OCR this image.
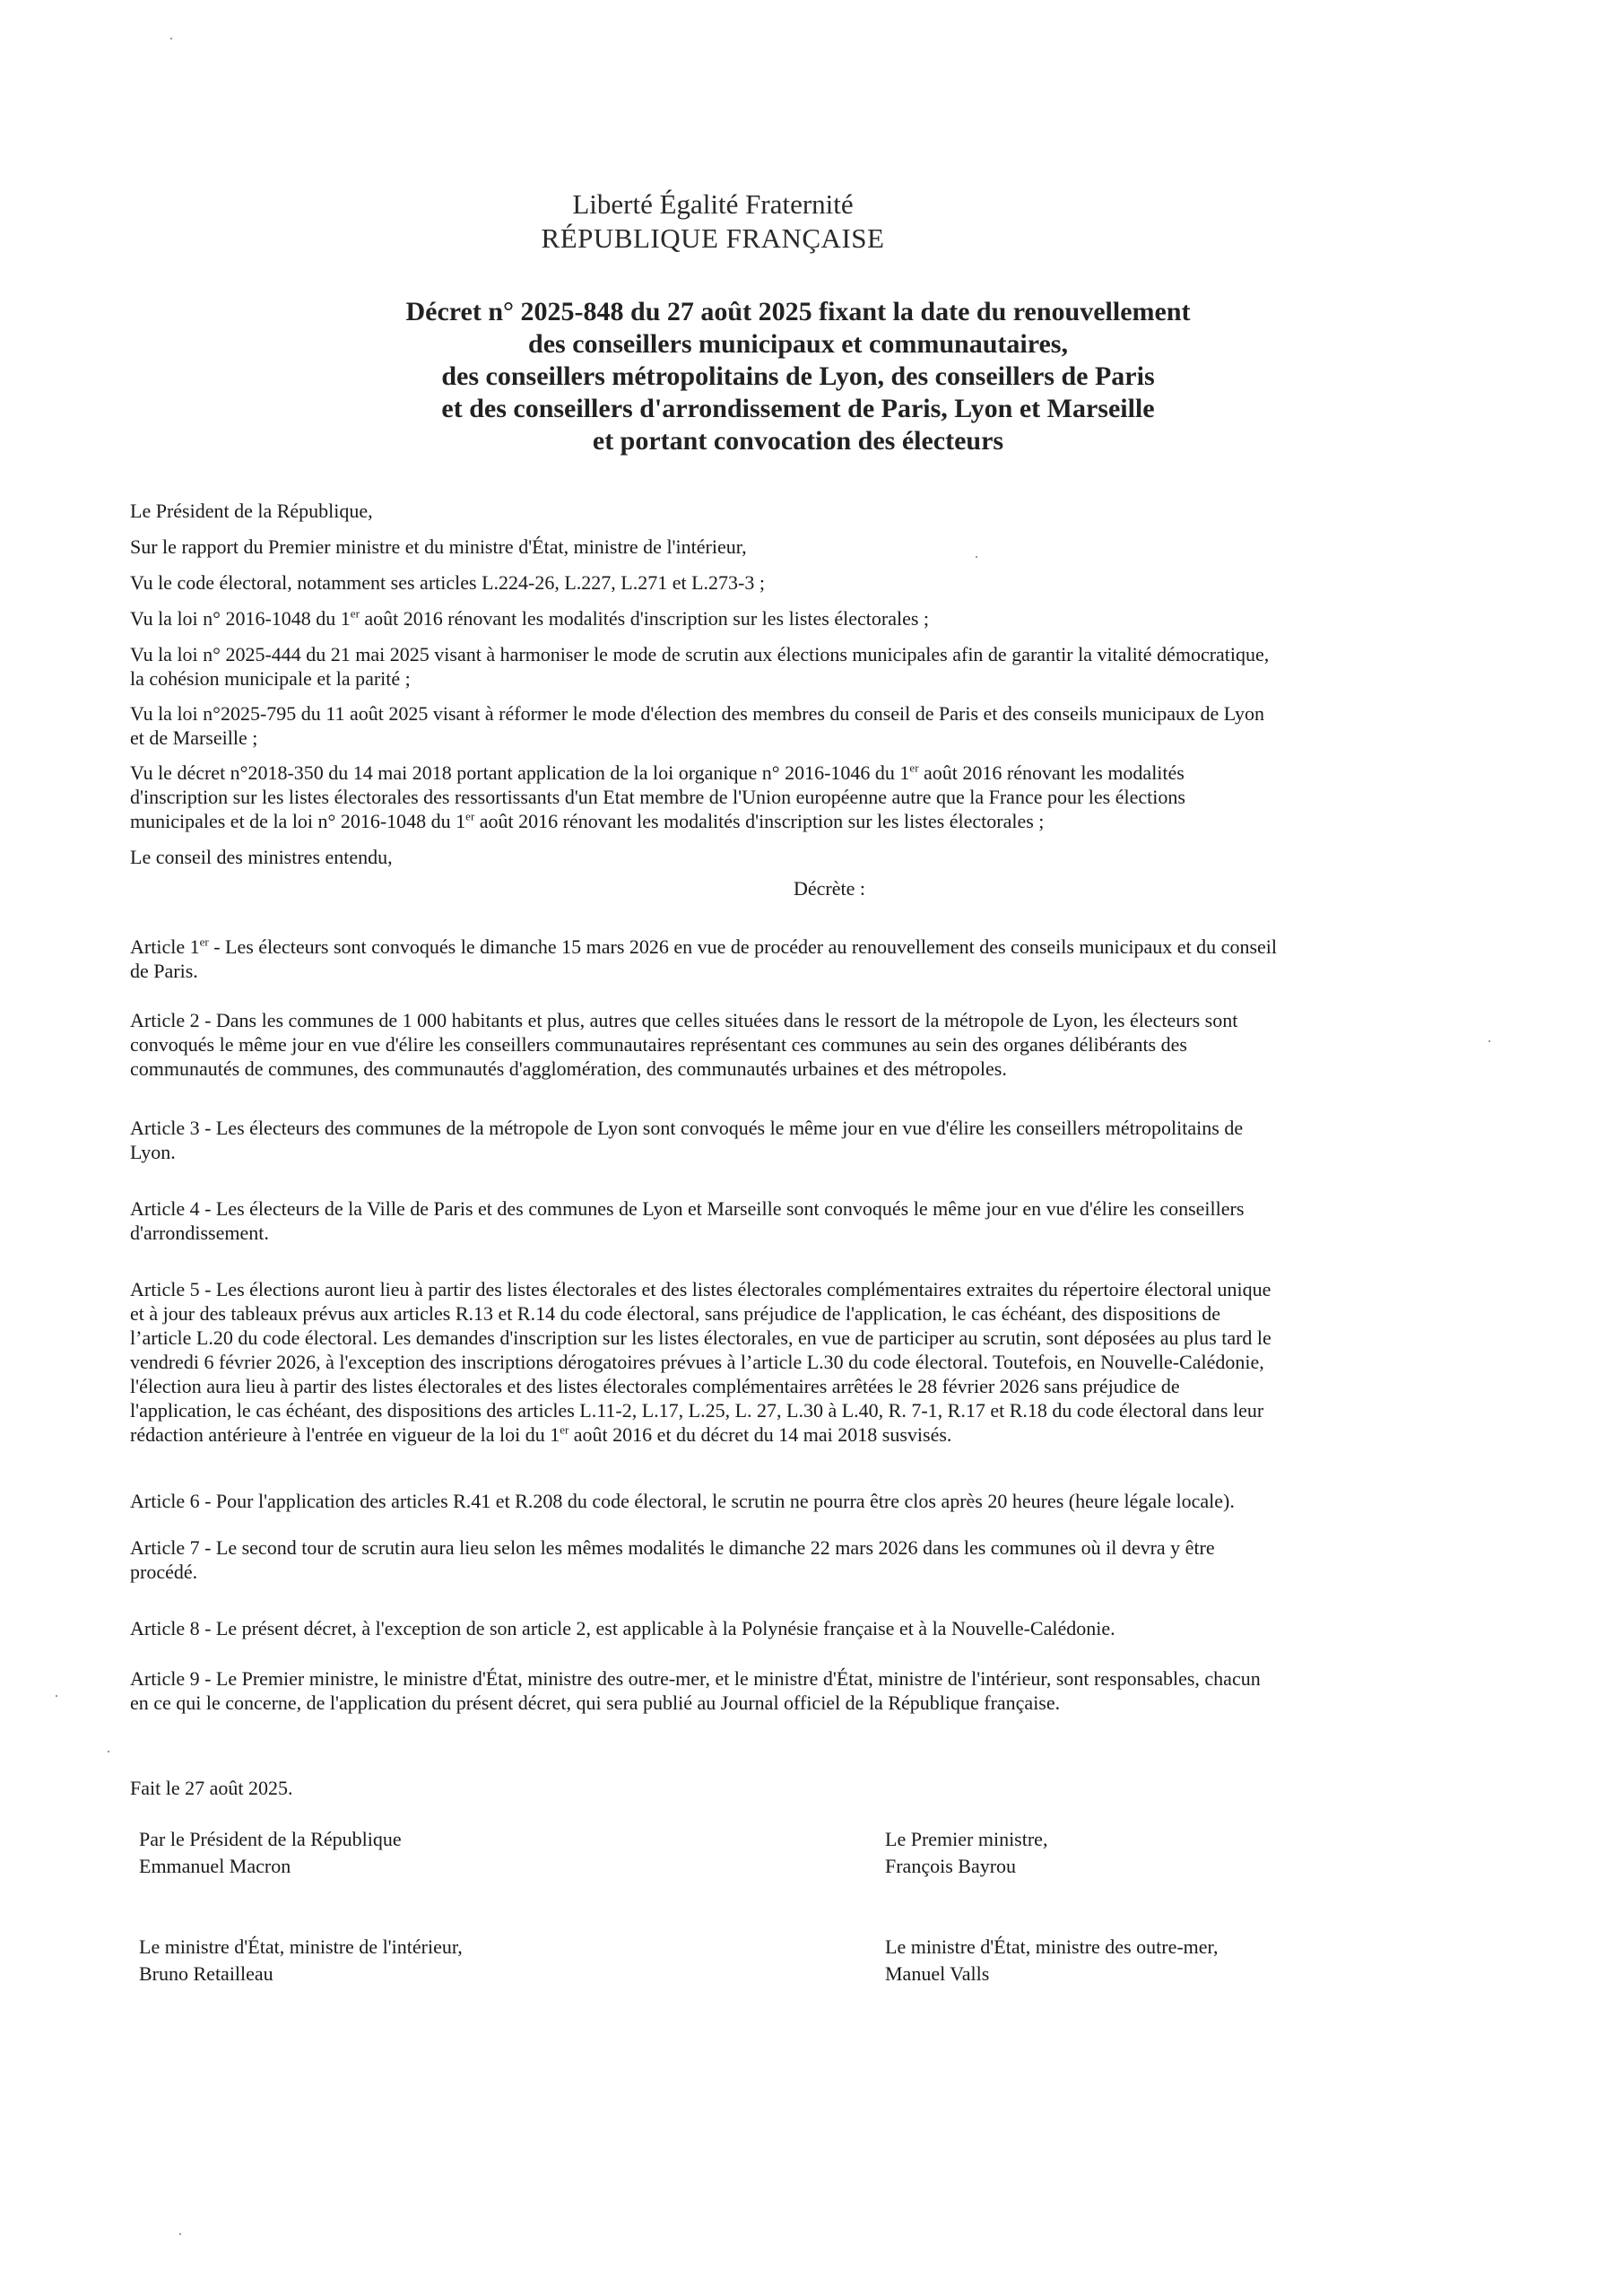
Liberté Égalité Fraternité
RÉPUBLIQUE FRANÇAISE
Décret n° 2025-848 du 27 août 2025 fixant la date du renouvellement
des conseillers municipaux et communautaires,
des conseillers métropolitains de Lyon, des conseillers de Paris
et des conseillers d'arrondissement de Paris, Lyon et Marseille
et portant convocation des électeurs
Le Président de la République,
Sur le rapport du Premier ministre et du ministre d'État, ministre de l'intérieur,
Vu le code électoral, notamment ses articles L.224-26, L.227, L.271 et L.273-3 ;
Vu la loi n° 2016-1048 du 1er août 2016 rénovant les modalités d'inscription sur les listes électorales ;
Vu la loi n° 2025-444 du 21 mai 2025 visant à harmoniser le mode de scrutin aux élections municipales afin de garantir la vitalité démocratique,
la cohésion municipale et la parité ;
Vu la loi n°2025-795 du 11 août 2025 visant à réformer le mode d'élection des membres du conseil de Paris et des conseils municipaux de Lyon
et de Marseille ;
Vu le décret n°2018-350 du 14 mai 2018 portant application de la loi organique n° 2016-1046 du 1er août 2016 rénovant les modalités
d'inscription sur les listes électorales des ressortissants d'un Etat membre de l'Union européenne autre que la France pour les élections
municipales et de la loi n° 2016-1048 du 1er août 2016 rénovant les modalités d'inscription sur les listes électorales ;
Le conseil des ministres entendu,
Décrète :
Article 1er - Les électeurs sont convoqués le dimanche 15 mars 2026 en vue de procéder au renouvellement des conseils municipaux et du conseil
de Paris.
Article 2 - Dans les communes de 1 000 habitants et plus, autres que celles situées dans le ressort de la métropole de Lyon, les électeurs sont
convoqués le même jour en vue d'élire les conseillers communautaires représentant ces communes au sein des organes délibérants des
communautés de communes, des communautés d'agglomération, des communautés urbaines et des métropoles.
Article 3 - Les électeurs des communes de la métropole de Lyon sont convoqués le même jour en vue d'élire les conseillers métropolitains de
Lyon.
Article 4 - Les électeurs de la Ville de Paris et des communes de Lyon et Marseille sont convoqués le même jour en vue d'élire les conseillers
d'arrondissement.
Article 5 - Les élections auront lieu à partir des listes électorales et des listes électorales complémentaires extraites du répertoire électoral unique
et à jour des tableaux prévus aux articles R.13 et R.14 du code électoral, sans préjudice de l'application, le cas échéant, des dispositions de
l’article L.20 du code électoral. Les demandes d'inscription sur les listes électorales, en vue de participer au scrutin, sont déposées au plus tard le
vendredi 6 février 2026, à l'exception des inscriptions dérogatoires prévues à l’article L.30 du code électoral. Toutefois, en Nouvelle-Calédonie,
l'élection aura lieu à partir des listes électorales et des listes électorales complémentaires arrêtées le 28 février 2026 sans préjudice de
l'application, le cas échéant, des dispositions des articles L.11-2, L.17, L.25, L. 27, L.30 à L.40, R. 7-1, R.17 et R.18 du code électoral dans leur
rédaction antérieure à l'entrée en vigueur de la loi du 1er août 2016 et du décret du 14 mai 2018 susvisés.
Article 6 - Pour l'application des articles R.41 et R.208 du code électoral, le scrutin ne pourra être clos après 20 heures (heure légale locale).
Article 7 - Le second tour de scrutin aura lieu selon les mêmes modalités le dimanche 22 mars 2026 dans les communes où il devra y être
procédé.
Article 8 - Le présent décret, à l'exception de son article 2, est applicable à la Polynésie française et à la Nouvelle-Calédonie.
Article 9 - Le Premier ministre, le ministre d'État, ministre des outre-mer, et le ministre d'État, ministre de l'intérieur, sont responsables, chacun
en ce qui le concerne, de l'application du présent décret, qui sera publié au Journal officiel de la République française.
Fait le 27 août 2025.
Par le Président de la République
Emmanuel Macron
Le Premier ministre,
François Bayrou
Le ministre d'État, ministre de l'intérieur,
Bruno Retailleau
Le ministre d'État, ministre des outre-mer,
Manuel Valls
